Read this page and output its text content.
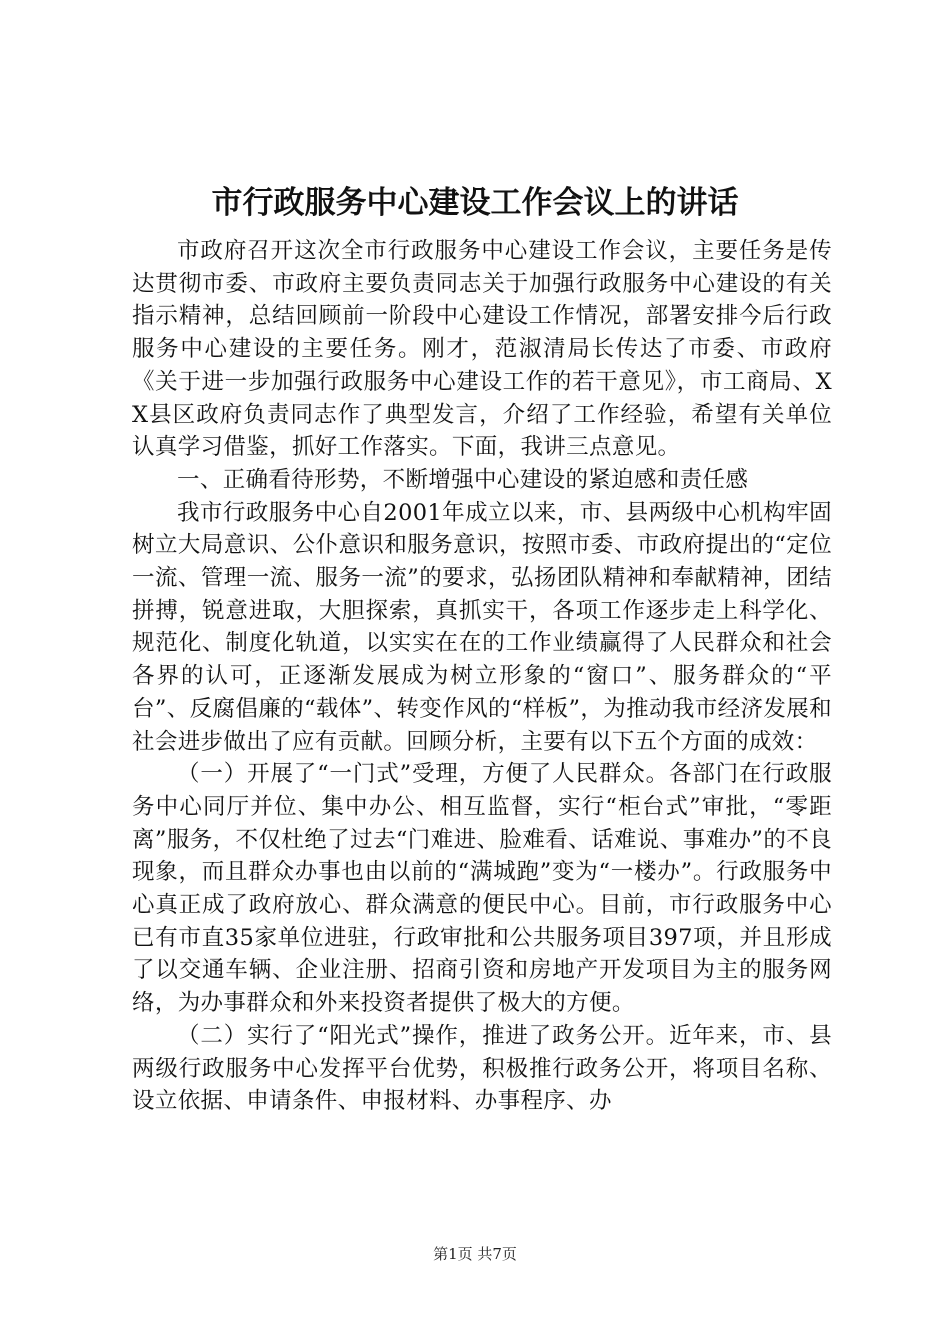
市行政服务中心建设工作会议上的讲话

市政府召开这次全市行政服务中心建设工作会议，主要任务是传达贯彻市委、市政府主要负责同志关于加强行政服务中心建设的有关指示精神，总结回顾前一阶段中心建设工作情况，部署安排今后行政服务中心建设的主要任务。刚才，范淑清局长传达了市委、市政府《关于进一步加强行政服务中心建设工作的若干意见》，市工商局、XX县区政府负责同志作了典型发言，介绍了工作经验，希望有关单位认真学习借鉴，抓好工作落实。下面，我讲三点意见。

一、正确看待形势，不断增强中心建设的紧迫感和责任感

我市行政服务中心自2001年成立以来，市、县两级中心机构牢固树立大局意识、公仆意识和服务意识，按照市委、市政府提出的“定位一流、管理一流、服务一流”的要求，弘扬团队精神和奉献精神，团结拼搏，锐意进取，大胆探索，真抓实干，各项工作逐步走上科学化、规范化、制度化轨道，以实实在在的工作业绩赢得了人民群众和社会各界的认可，正逐渐发展成为树立形象的“窗口”、服务群众的“平台”、反腐倡廉的“载体”、转变作风的“样板”，为推动我市经济发展和社会进步做出了应有贡献。回顾分析，主要有以下五个方面的成效：

（一）开展了“一门式”受理，方便了人民群众。各部门在行政服务中心同厅并位、集中办公、相互监督，实行“柜台式”审批，“零距离”服务，不仅杜绝了过去“门难进、脸难看、话难说、事难办”的不良现象，而且群众办事也由以前的“满城跑”变为“一楼办”。行政服务中心真正成了政府放心、群众满意的便民中心。目前，市行政服务中心已有市直35家单位进驻，行政审批和公共服务项目397项，并且形成了以交通车辆、企业注册、招商引资和房地产开发项目为主的服务网络，为办事群众和外来投资者提供了极大的方便。

（二）实行了“阳光式”操作，推进了政务公开。近年来，市、县两级行政服务中心发挥平台优势，积极推行政务公开，将项目名称、设立依据、申请条件、申报材料、办事程序、办

第1页 共7页
